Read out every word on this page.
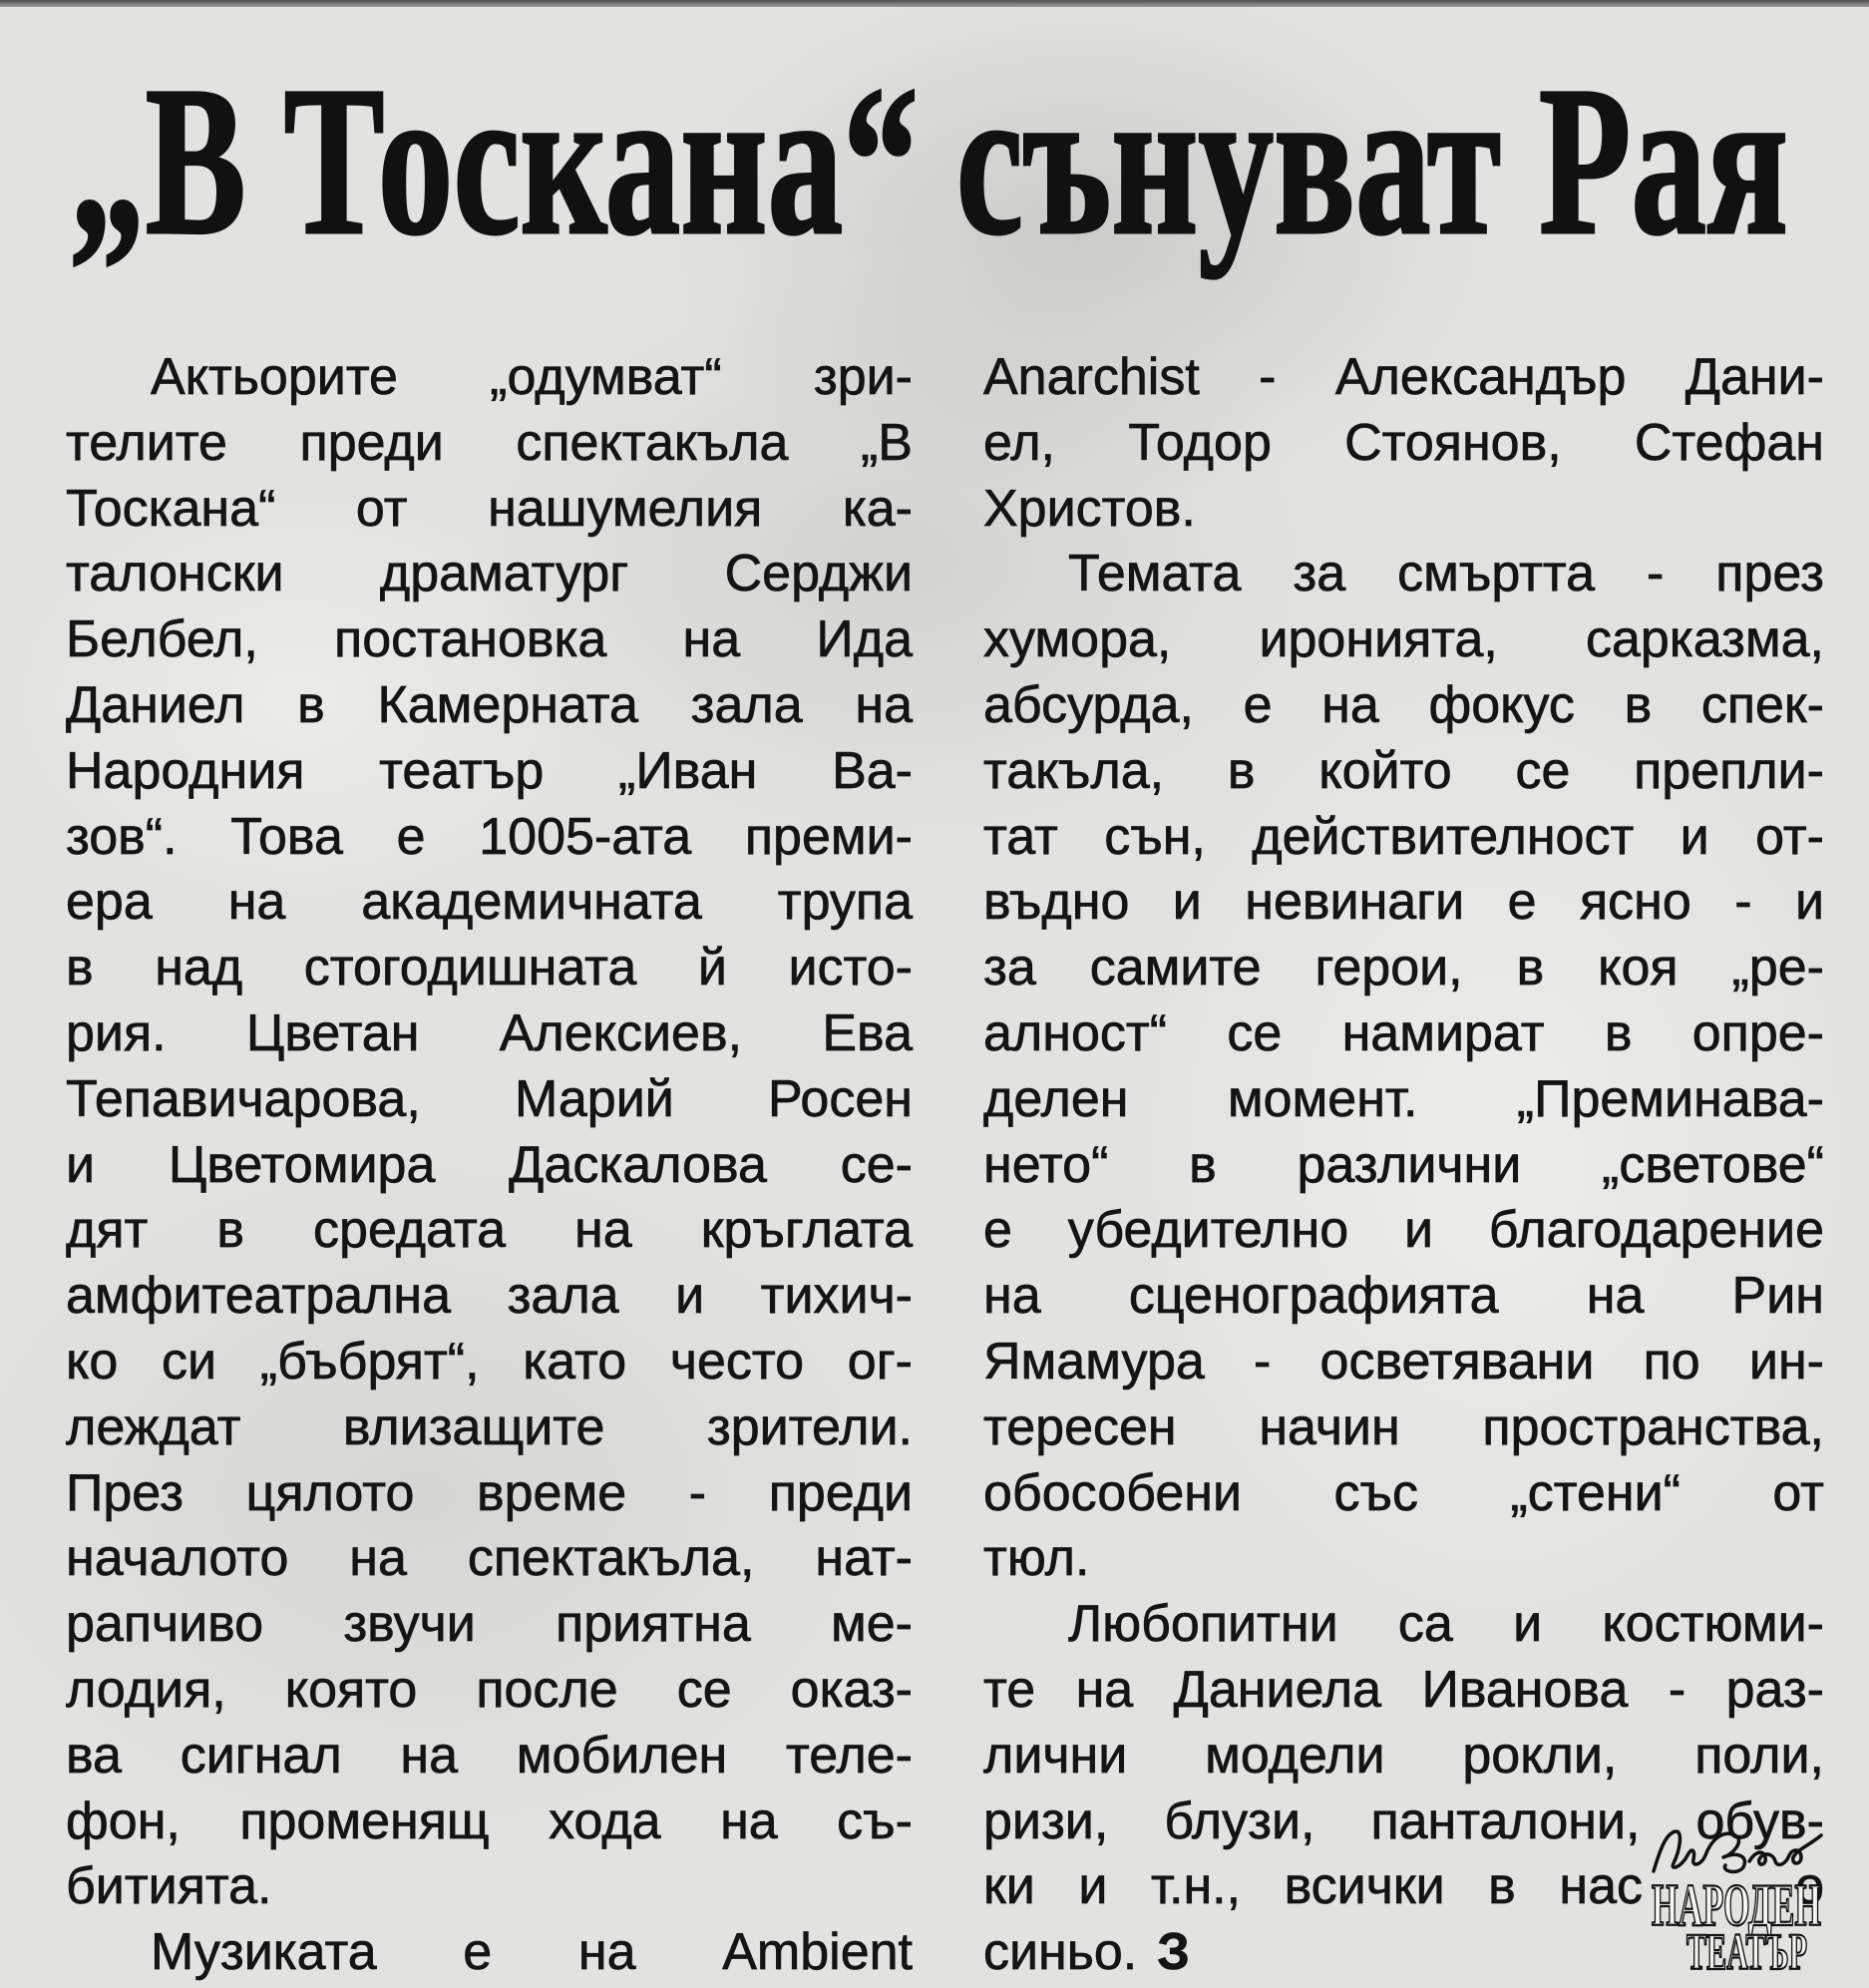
„В Тоскана“ сънуват Рая
Актьорите „одумват“ зри-
телите преди спектакъла „В
Тоскана“ от нашумелия ка-
талонски драматург Серджи
Белбел, постановка на Ида
Даниел в Камерната зала на
Народния театър „Иван Ва-
зов“. Това е 1005-ата преми-
ера на академичната трупа
в над стогодишната й исто-
рия. Цветан Алексиев, Ева
Тепавичарова, Марий Росен
и Цветомира Даскалова се-
дят в средата на кръглата
амфитеатрална зала и тихич-
ко си „бъбрят“, като често ог-
леждат влизащите зрители.
През цялото време - преди
началото на спектакъла, нат-
рапчиво звучи приятна ме-
лодия, която после се оказ-
ва сигнал на мобилен теле-
фон, променящ хода на съ-
битията.
Музиката е на Ambient
Anarchist - Александър Дани-
ел, Тодор Стоянов, Стефан
Христов.
Темата за смъртта - през
хумора, иронията, сарказма,
абсурда, е на фокус в спек-
такъла, в който се препли-
тат сън, действителност и от-
въдно и невинаги е ясно - и
за самите герои, в коя „ре-
алност“ се намират в опре-
делен момент. „Преминава-
нето“ в различни „светове“
е убедително и благодарение
на сценографията на Рин
Ямамура - осветявани по ин-
тересен начин пространства,
обособени със „стени“ от
тюл.
Любопитни са и костюми-
те на Даниела Иванова - раз-
лични модели рокли, поли,
ризи, блузи, панталони, обув-
ки и т.н., всички в нас	о
синьо. З
НАРОДЕН
ТЕАТЪР
